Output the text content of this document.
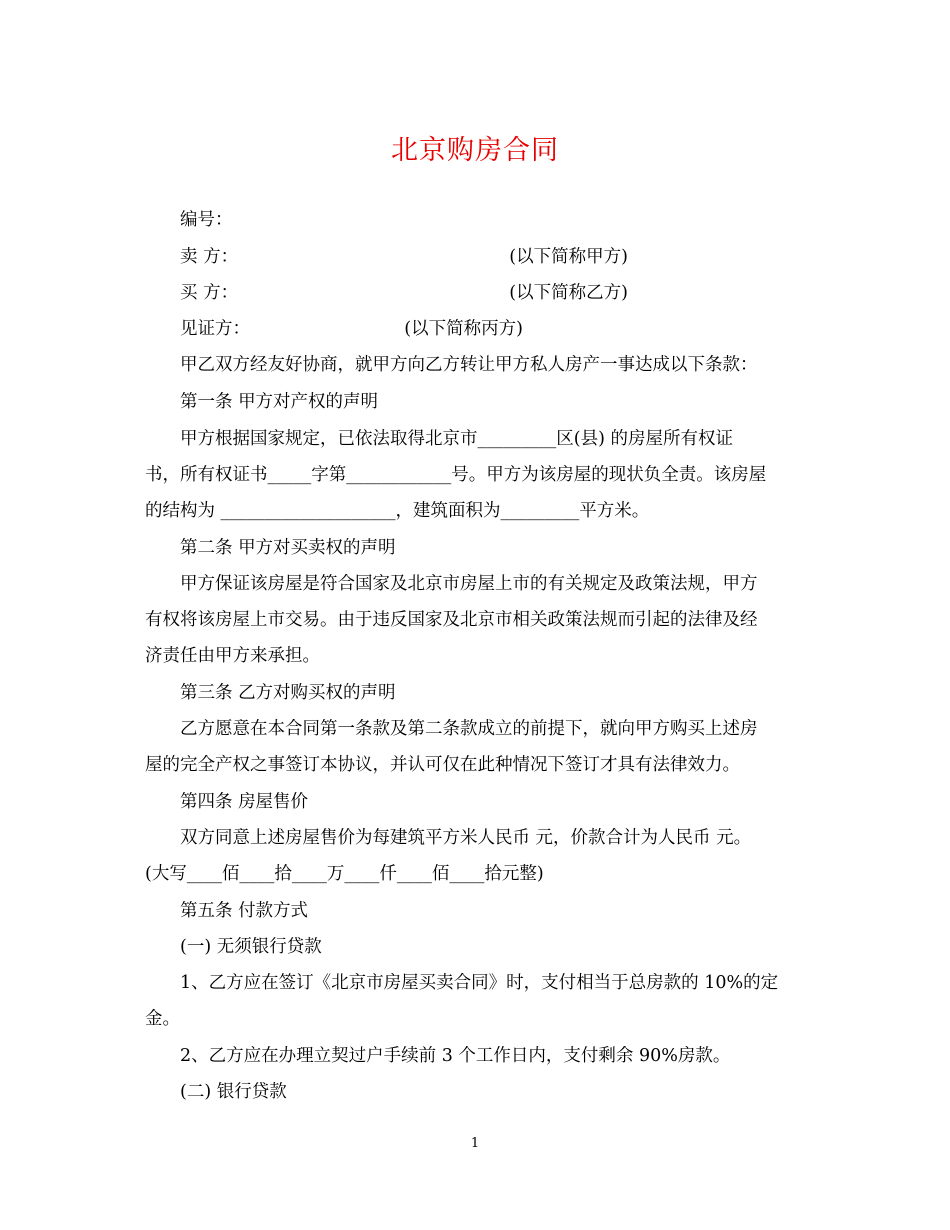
北京购房合同
编号：
卖 方：　　　　　　　　　　　　　　　　(以下简称甲方)
买 方：　　　　　　　　　　　　　　　　(以下简称乙方)
见证方：　　　　　　　　　 (以下简称丙方)
甲乙双方经友好协商，就甲方向乙方转让甲方私人房产一事达成以下条款：
第一条 甲方对产权的声明
甲方根据国家规定，已依法取得北京市_________区(县) 的房屋所有权证
书，所有权证书_____字第____________号。甲方为该房屋的现状负全责。该房屋
的结构为 ____________________，建筑面积为_________平方米。
第二条 甲方对买卖权的声明
甲方保证该房屋是符合国家及北京市房屋上市的有关规定及政策法规，甲方
有权将该房屋上市交易。由于违反国家及北京市相关政策法规而引起的法律及经
济责任由甲方来承担。
第三条 乙方对购买权的声明
乙方愿意在本合同第一条款及第二条款成立的前提下，就向甲方购买上述房
屋的完全产权之事签订本协议，并认可仅在此种情况下签订才具有法律效力。
第四条 房屋售价
双方同意上述房屋售价为每建筑平方米人民币 元，价款合计为人民币 元。
(大写____佰____拾____万____仟____佰____拾元整)
第五条 付款方式
(一) 无须银行贷款
1、乙方应在签订《北京市房屋买卖合同》时，支付相当于总房款的 10%的定
金。
2、乙方应在办理立契过户手续前 3 个工作日内，支付剩余 90%房款。
(二) 银行贷款
1
